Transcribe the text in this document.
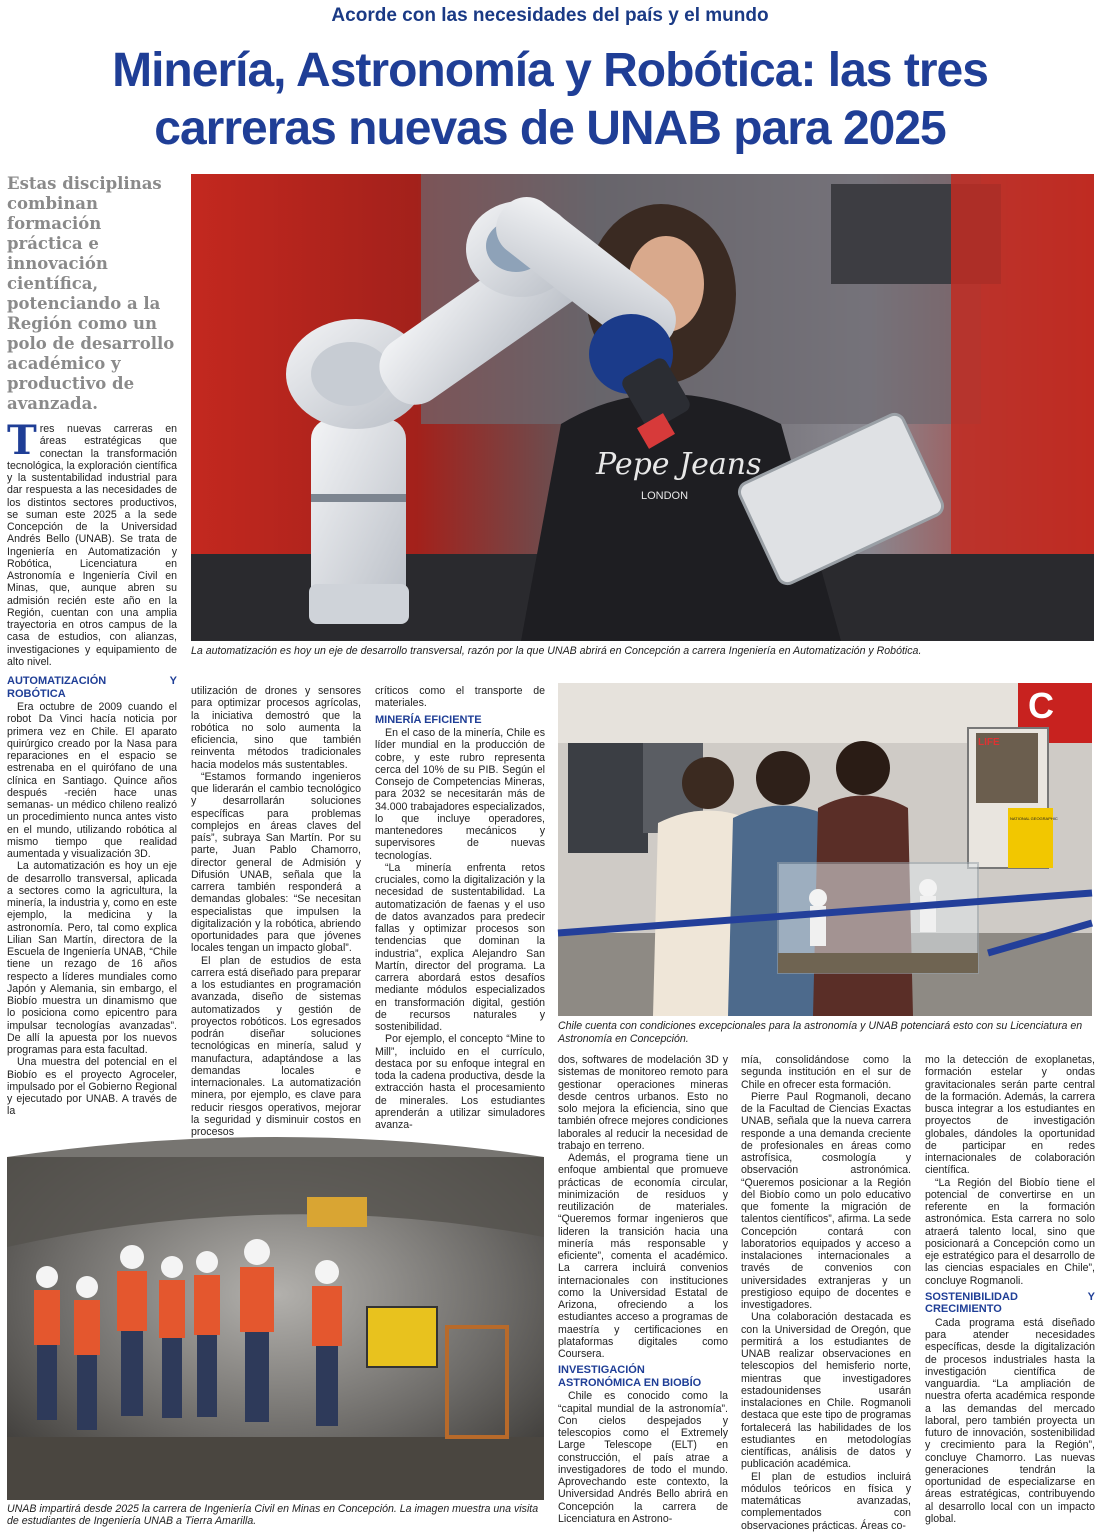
Acorde con las necesidades del país y el mundo
Minería, Astronomía y Robótica: las tres
carreras nuevas de UNAB para 2025
Estas disciplinas combinan formación práctica e innovación científica, potenciando a la Región como un polo de desarrollo académico y productivo de avanzada.
Tres nuevas carreras en áreas estratégicas que conectan la transformación tecnológica, la exploración científica y la sustentabilidad industrial para dar respuesta a las necesidades de los distintos sectores productivos, se suman este 2025 a la sede Concepción de la Universidad Andrés Bello (UNAB). Se trata de Ingeniería en Automatización y Robótica, Licenciatura en Astronomía e Ingeniería Civil en Minas, que, aunque abren su admisión recién este año en la Región, cuentan con una amplia trayectoria en otros campus de la casa de estudios, con alianzas, investigaciones y equipamiento de alto nivel.
Pepe Jeans
LONDON
La automatización es hoy un eje de desarrollo transversal, razón por la que UNAB abrirá en Concepción a carrera Ingeniería en Automatización y Robótica.
C
LIFE
NATIONAL GEOGRAPHIC
Chile cuenta con condiciones excepcionales para la astronomía y UNAB potenciará esto con su Licenciatura en Astronomía en Concepción.
UNAB impartirá desde 2025 la carrera de Ingeniería Civil en Minas en Concepción. La imagen muestra una visita de estudiantes de Ingeniería UNAB a Tierra Amarilla.
AUTOMATIZACIÓN Y ROBÓTICA

Era octubre de 2009 cuando el robot Da Vinci hacía noticia por primera vez en Chile. El aparato quirúrgico creado por la Nasa para reparaciones en el espacio se estrenaba en el quirófano de una clínica en Santiago. Quince años después -recién hace unas semanas- un médico chileno realizó un procedimiento nunca antes visto en el mundo, utilizando robótica al mismo tiempo que realidad aumentada y visualización 3D.

La automatización es hoy un eje de desarrollo transversal, aplicada a sectores como la agricultura, la minería, la industria y, como en este ejemplo, la medicina y la astronomía. Pero, tal como explica Lilian San Martín, directora de la Escuela de Ingeniería UNAB, “Chile tiene un rezago de 16 años respecto a líderes mundiales como Japón y Alemania, sin embargo, el Biobío muestra un dinamismo que lo posiciona como epicentro para impulsar tecnologías avanzadas”. De allí la apuesta por los nuevos programas para esta facultad.

Una muestra del potencial en el Biobío es el proyecto Agroceler, impulsado por el Gobierno Regional y ejecutado por UNAB. A través de la

utilización de drones y sensores para optimizar procesos agrícolas, la iniciativa demostró que la robótica no solo aumenta la eficiencia, sino que también reinventa métodos tradicionales hacia modelos más sustentables.

“Estamos formando ingenieros que liderarán el cambio tecnológico y desarrollarán soluciones específicas para problemas complejos en áreas claves del país”, subraya San Martín. Por su parte, Juan Pablo Chamorro, director general de Admisión y Difusión UNAB, señala que la carrera también responderá a demandas globales: “Se necesitan especialistas que impulsen la digitalización y la robótica, abriendo oportunidades para que jóvenes locales tengan un impacto global”.

El plan de estudios de esta carrera está diseñado para preparar a los estudiantes en programación avanzada, diseño de sistemas automatizados y gestión de proyectos robóticos. Los egresados podrán diseñar soluciones tecnológicas en minería, salud y manufactura, adaptándose a las demandas locales e internacionales. La automatización minera, por ejemplo, es clave para reducir riesgos operativos, mejorar la seguridad y disminuir costos en procesos

críticos como el transporte de materiales.

MINERÍA EFICIENTE

En el caso de la minería, Chile es líder mundial en la producción de cobre, y este rubro representa cerca del 10% de su PIB. Según el Consejo de Competencias Mineras, para 2032 se necesitarán más de 34.000 trabajadores especializados, lo que incluye operadores, mantenedores mecánicos y supervisores de nuevas tecnologías.

“La minería enfrenta retos cruciales, como la digitalización y la necesidad de sustentabilidad. La automatización de faenas y el uso de datos avanzados para predecir fallas y optimizar procesos son tendencias que dominan la industria”, explica Alejandro San Martín, director del programa. La carrera abordará estos desafíos mediante módulos especializados en transformación digital, gestión de recursos naturales y sostenibilidad.

Por ejemplo, el concepto “Mine to Mill”, incluido en el currículo, destaca por su enfoque integral en toda la cadena productiva, desde la extracción hasta el procesamiento de minerales. Los estudiantes aprenderán a utilizar simuladores avanza-

dos, softwares de modelación 3D y sistemas de monitoreo remoto para gestionar operaciones mineras desde centros urbanos. Esto no solo mejora la eficiencia, sino que también ofrece mejores condiciones laborales al reducir la necesidad de trabajo en terreno.

Además, el programa tiene un enfoque ambiental que promueve prácticas de economía circular, minimización de residuos y reutilización de materiales. “Queremos formar ingenieros que lideren la transición hacia una minería más responsable y eficiente”, comenta el académico. La carrera incluirá convenios internacionales con instituciones como la Universidad Estatal de Arizona, ofreciendo a los estudiantes acceso a programas de maestría y certificaciones en plataformas digitales como Coursera.

INVESTIGACIÓN ASTRONÓMICA EN BIOBÍO

Chile es conocido como la “capital mundial de la astronomía”. Con cielos despejados y telescopios como el Extremely Large Telescope (ELT) en construcción, el país atrae a investigadores de todo el mundo. Aprovechando este contexto, la Universidad Andrés Bello abrirá en Concepción la carrera de Licenciatura en Astrono-

mía, consolidándose como la segunda institución en el sur de Chile en ofrecer esta formación.

Pierre Paul Rogmanoli, decano de la Facultad de Ciencias Exactas UNAB, señala que la nueva carrera responde a una demanda creciente de profesionales en áreas como astrofísica, cosmología y observación astronómica. “Queremos posicionar a la Región del Biobío como un polo educativo que fomente la migración de talentos científicos”, afirma. La sede Concepción contará con laboratorios equipados y acceso a instalaciones internacionales a través de convenios con universidades extranjeras y un prestigioso equipo de docentes e investigadores.

Una colaboración destacada es con la Universidad de Oregón, que permitirá a los estudiantes de UNAB realizar observaciones en telescopios del hemisferio norte, mientras que investigadores estadounidenses usarán instalaciones en Chile. Rogmanoli destaca que este tipo de programas fortalecerá las habilidades de los estudiantes en metodologías científicas, análisis de datos y publicación académica.

El plan de estudios incluirá módulos teóricos en física y matemáticas avanzadas, complementados con observaciones prácticas. Áreas co-

mo la detección de exoplanetas, formación estelar y ondas gravitacionales serán parte central de la formación. Además, la carrera busca integrar a los estudiantes en proyectos de investigación globales, dándoles la oportunidad de participar en redes internacionales de colaboración científica.

“La Región del Biobío tiene el potencial de convertirse en un referente en la formación astronómica. Esta carrera no solo atraerá talento local, sino que posicionará a Concepción como un eje estratégico para el desarrollo de las ciencias espaciales en Chile”, concluye Rogmanoli.

SOSTENIBILIDAD Y CRECIMIENTO

Cada programa está diseñado para atender necesidades específicas, desde la digitalización de procesos industriales hasta la investigación científica de vanguardia. “La ampliación de nuestra oferta académica responde a las demandas del mercado laboral, pero también proyecta un futuro de innovación, sostenibilidad y crecimiento para la Región”, concluye Chamorro. Las nuevas generaciones tendrán la oportunidad de especializarse en áreas estratégicas, contribuyendo al desarrollo local con un impacto global.
